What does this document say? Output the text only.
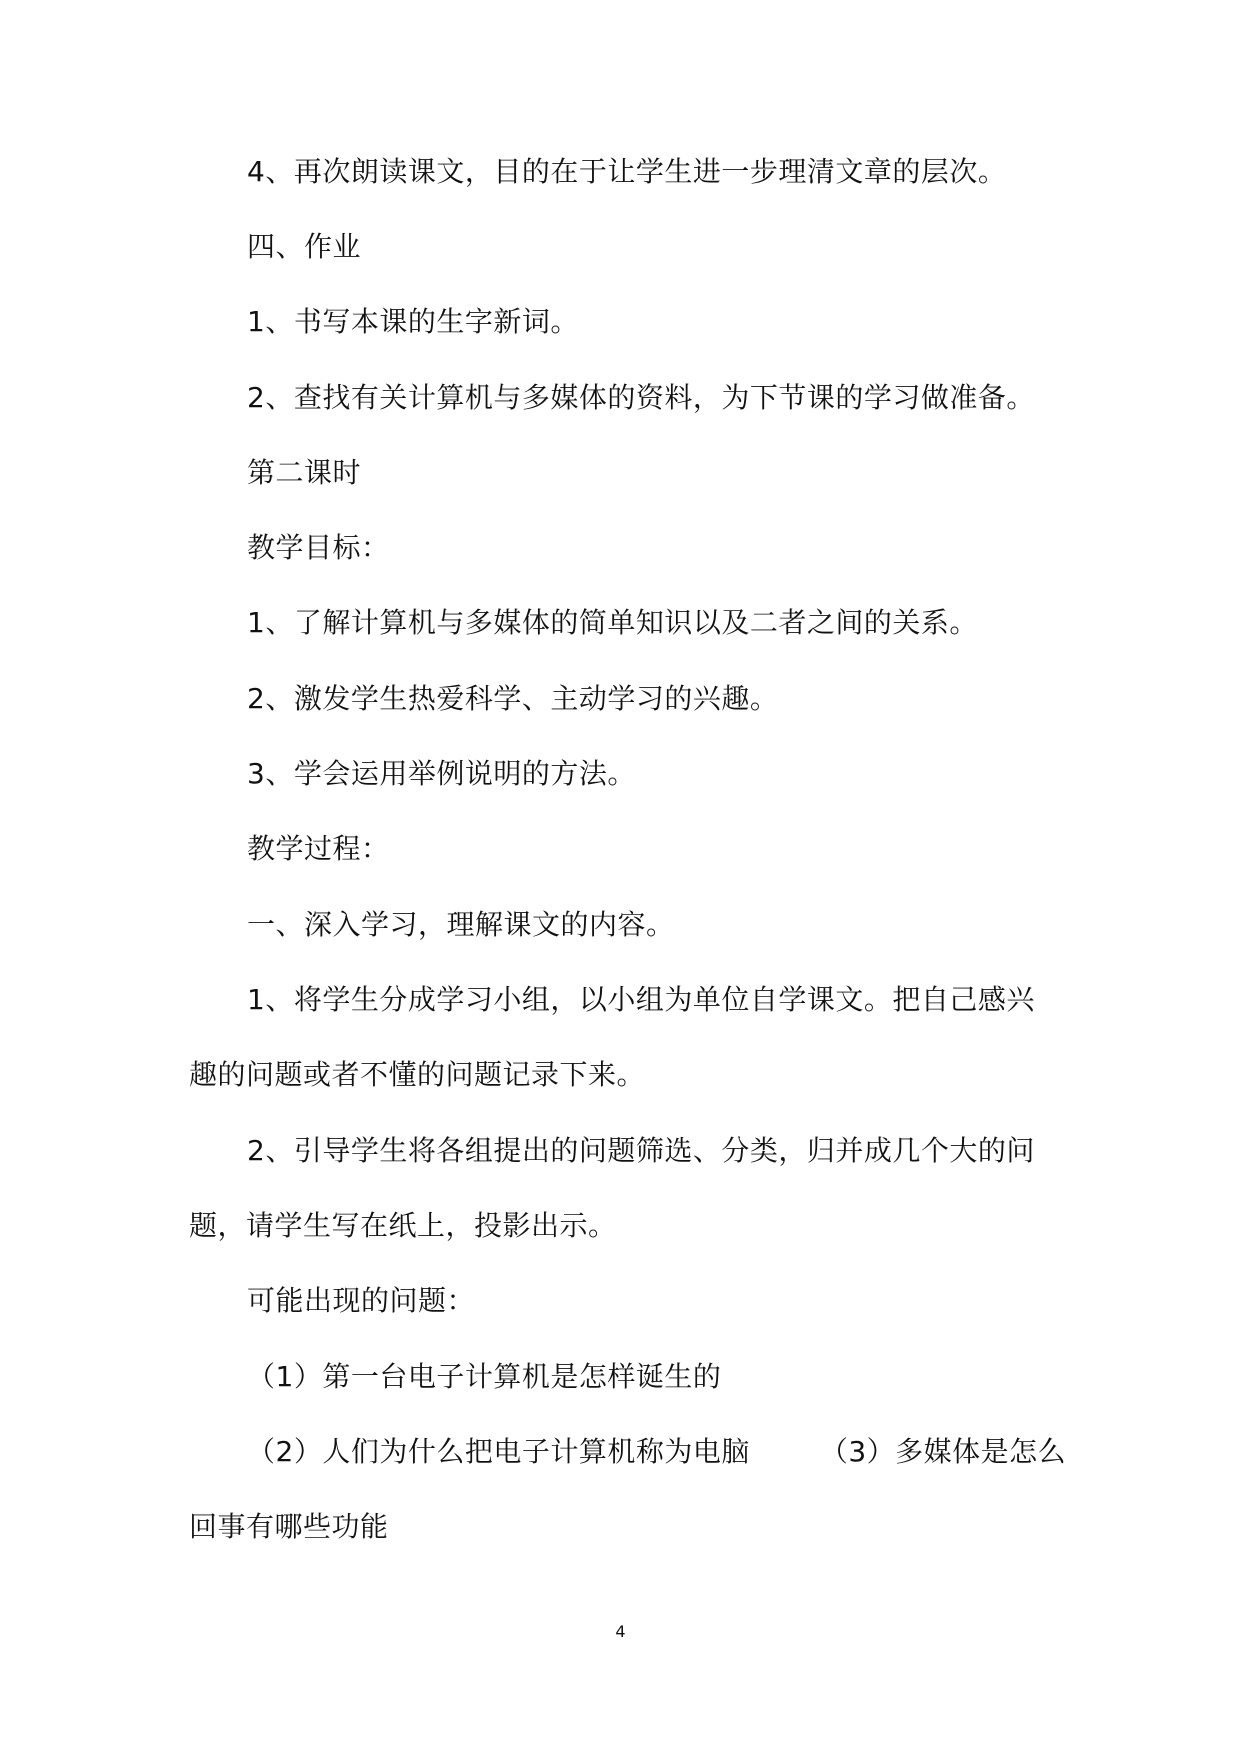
4、再次朗读课文，目的在于让学生进一步理清文章的层次。
四、作业
1、书写本课的生字新词。
2、查找有关计算机与多媒体的资料，为下节课的学习做准备。
第二课时
教学目标：
1、了解计算机与多媒体的简单知识以及二者之间的关系。
2、激发学生热爱科学、主动学习的兴趣。
3、学会运用举例说明的方法。
教学过程：
一、深入学习，理解课文的内容。
1、将学生分成学习小组，以小组为单位自学课文。把自己感兴
趣的问题或者不懂的问题记录下来。
2、引导学生将各组提出的问题筛选、分类，归并成几个大的问
题，请学生写在纸上，投影出示。
可能出现的问题：
（1）第一台电子计算机是怎样诞生的
（2）人们为什么把电子计算机称为电脑	（3）多媒体是怎么
回事有哪些功能
4
